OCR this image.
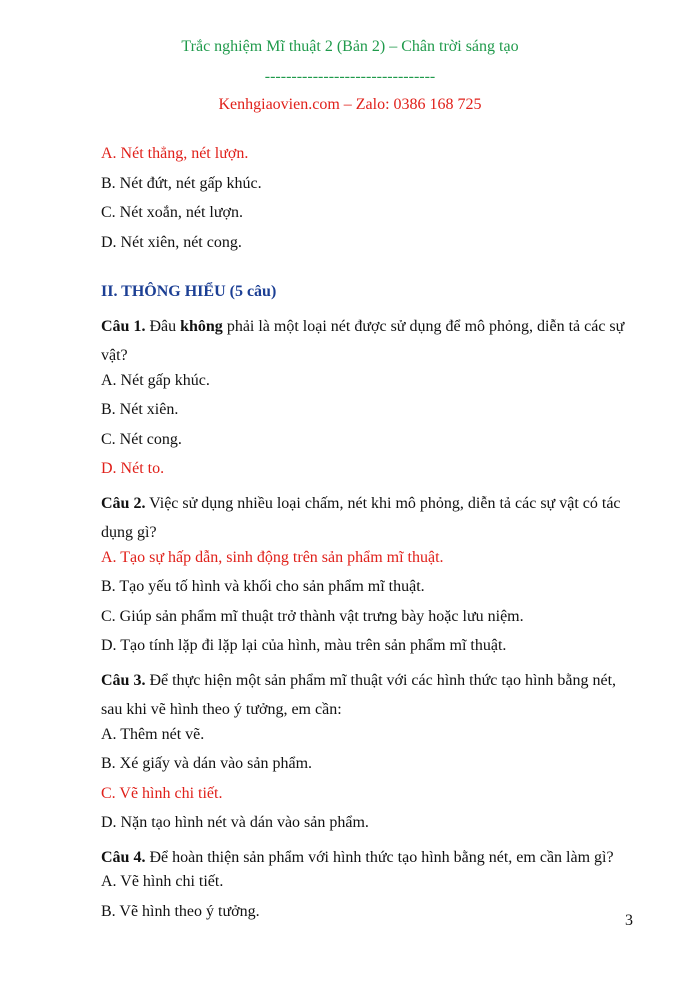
Trắc nghiệm Mĩ thuật 2 (Bản 2) – Chân trời sáng tạo
--------------------------------
Kenhgiaovien.com – Zalo: 0386 168 725
A. Nét thẳng, nét lượn.
B. Nét đứt, nét gấp khúc.
C. Nét xoắn, nét lượn.
D. Nét xiên, nét cong.
II. THÔNG HIỂU (5 câu)
Câu 1. Đâu không phải là một loại nét được sử dụng để mô phỏng, diễn tả các sự vật?
A. Nét gấp khúc.
B. Nét xiên.
C. Nét cong.
D. Nét to.
Câu 2. Việc sử dụng nhiều loại chấm, nét khi mô phỏng, diễn tả các sự vật có tác dụng gì?
A. Tạo sự hấp dẫn, sinh động trên sản phẩm mĩ thuật.
B. Tạo yếu tố hình và khối cho sản phẩm mĩ thuật.
C. Giúp sản phẩm mĩ thuật trở thành vật trưng bày hoặc lưu niệm.
D. Tạo tính lặp đi lặp lại của hình, màu trên sản phẩm mĩ thuật.
Câu 3. Để thực hiện một sản phẩm mĩ thuật với các hình thức tạo hình bằng nét, sau khi vẽ hình theo ý tưởng, em cần:
A. Thêm nét vẽ.
B. Xé giấy và dán vào sản phẩm.
C. Vẽ hình chi tiết.
D. Nặn tạo hình nét và dán vào sản phẩm.
Câu 4. Để hoàn thiện sản phẩm với hình thức tạo hình bằng nét, em cần làm gì?
A. Vẽ hình chi tiết.
B. Vẽ hình theo ý tưởng.
3
